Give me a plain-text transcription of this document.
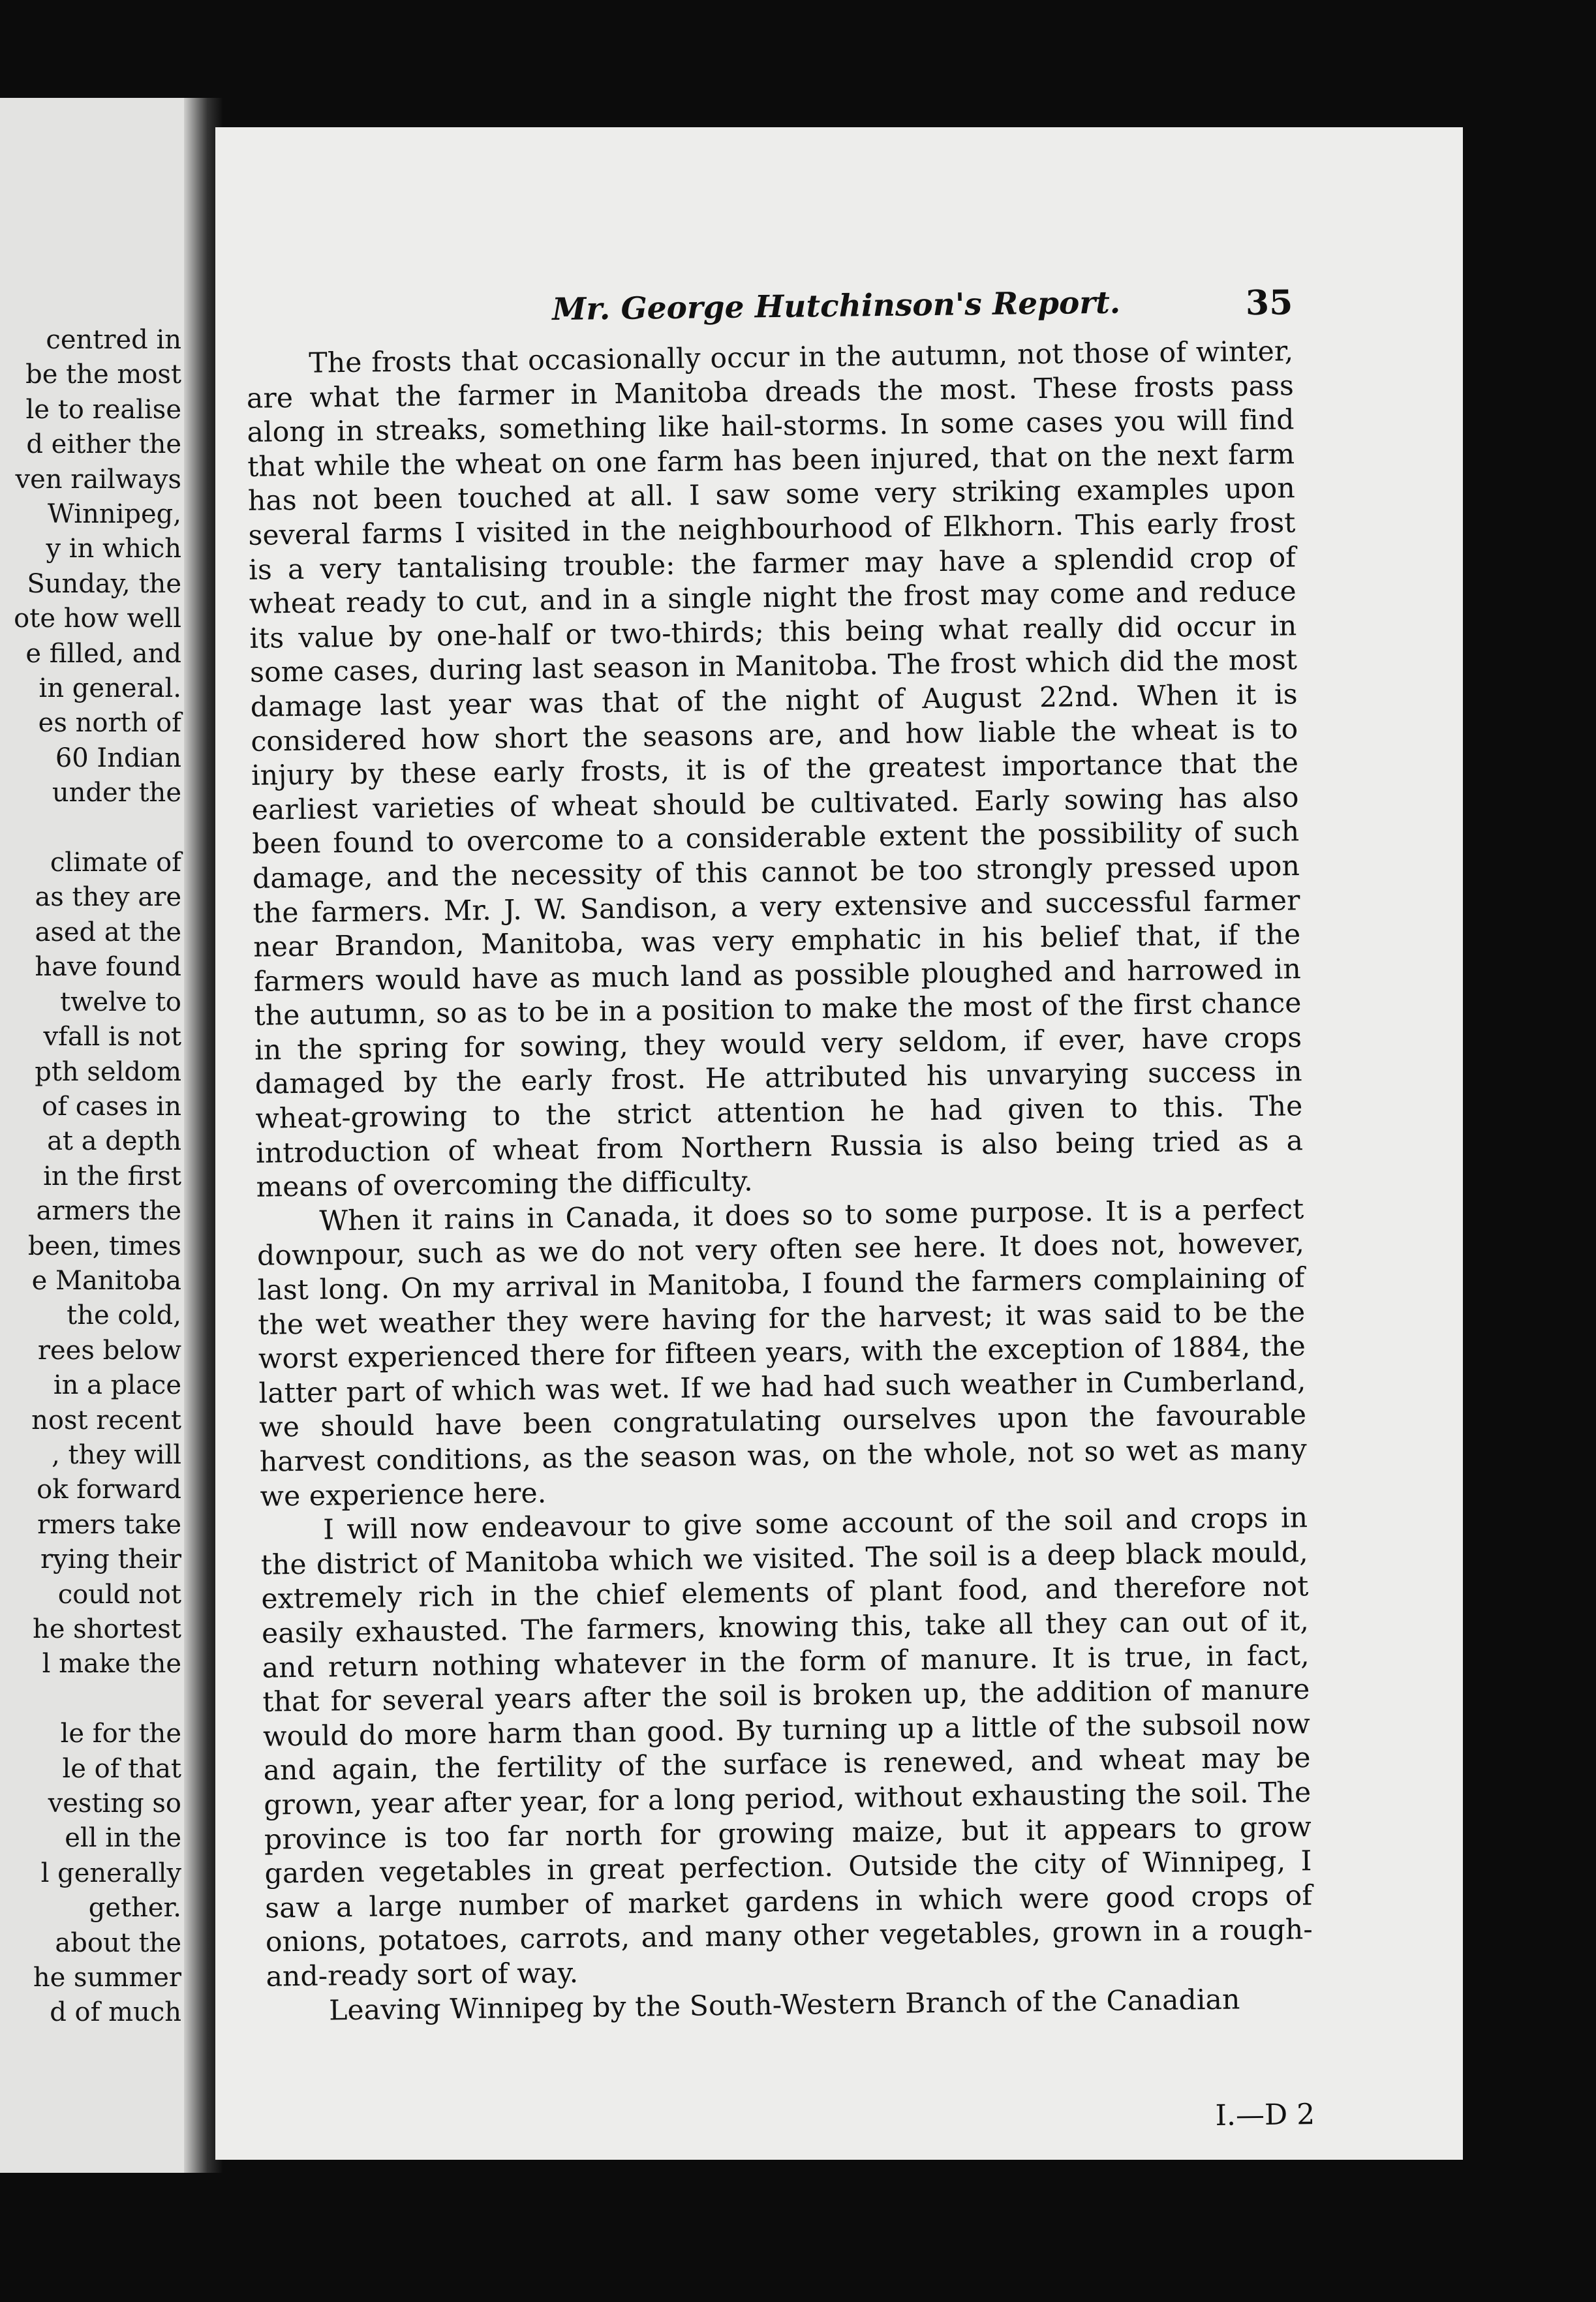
centred in
be the most
le to realise
d either the
ven railways
Winnipeg,
y in which
Sunday, the
ote how well
e filled, and
in general.
es north of
60 Indian
under the
climate of
as they are
ased at the
have found
twelve to
vfall is not
pth seldom
of cases in
at a depth
in the first
armers the
been, times
e Manitoba
the cold,
rees below
in a place
nost recent
, they will
ok forward
rmers take
rying their
could not
he shortest
l make the
le for the
le of that
vesting so
ell in the
l generally
gether.
about the
he summer
d of much
Mr. George Hutchinson's Report.	35

The frosts that occasionally occur in the autumn, not those of winter, are what the farmer in Manitoba dreads the most. These frosts pass along in streaks, something like hail-storms. In some cases you will find that while the wheat on one farm has been injured, that on the next farm has not been touched at all. I saw some very striking examples upon several farms I visited in the neighbourhood of Elkhorn. This early frost is a very tantalising trouble: the farmer may have a splendid crop of wheat ready to cut, and in a single night the frost may come and reduce its value by one-half or two-thirds; this being what really did occur in some cases, during last season in Manitoba. The frost which did the most damage last year was that of the night of August 22nd. When it is considered how short the seasons are, and how liable the wheat is to injury by these early frosts, it is of the greatest importance that the earliest varieties of wheat should be cultivated. Early sowing has also been found to overcome to a considerable extent the possibility of such damage, and the necessity of this cannot be too strongly pressed upon the farmers. Mr. J. W. Sandison, a very extensive and successful farmer near Brandon, Manitoba, was very emphatic in his belief that, if the farmers would have as much land as possible ploughed and harrowed in the autumn, so as to be in a position to make the most of the first chance in the spring for sowing, they would very seldom, if ever, have crops damaged by the early frost. He attributed his unvarying success in wheat-growing to the strict attention he had given to this. The introduction of wheat from Northern Russia is also being tried as a means of overcoming the difficulty.

When it rains in Canada, it does so to some purpose. It is a perfect downpour, such as we do not very often see here. It does not, however, last long. On my arrival in Manitoba, I found the farmers complaining of the wet weather they were having for the harvest; it was said to be the worst experienced there for fifteen years, with the exception of 1884, the latter part of which was wet. If we had had such weather in Cumberland, we should have been congratulating ourselves upon the favourable harvest conditions, as the season was, on the whole, not so wet as many we experience here.

I will now endeavour to give some account of the soil and crops in the district of Manitoba which we visited. The soil is a deep black mould, extremely rich in the chief elements of plant food, and therefore not easily exhausted. The farmers, knowing this, take all they can out of it, and return nothing whatever in the form of manure. It is true, in fact, that for several years after the soil is broken up, the addition of manure would do more harm than good. By turning up a little of the subsoil now and again, the fertility of the surface is renewed, and wheat may be grown, year after year, for a long period, without exhausting the soil. The province is too far north for growing maize, but it appears to grow garden vegetables in great perfection. Outside the city of Winnipeg, I saw a large number of market gardens in which were good crops of onions, potatoes, carrots, and many other vegetables, grown in a rough-and-ready sort of way.

Leaving Winnipeg by the South-Western Branch of the Canadian

I.—D 2
